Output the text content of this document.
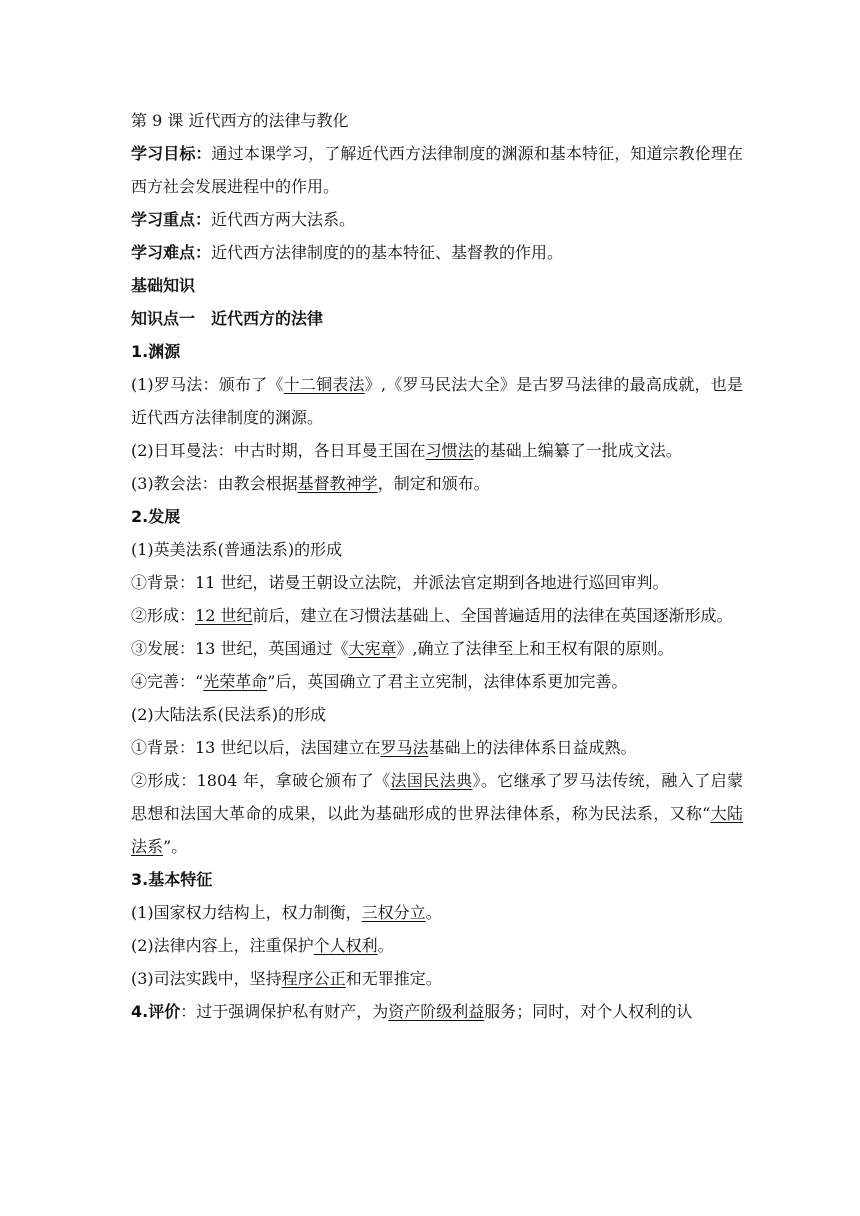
第 9 课 近代西方的法律与教化

学习目标：通过本课学习，了解近代西方法律制度的渊源和基本特征，知道宗教伦理在西方社会发展进程中的作用。

学习重点：近代西方两大法系。

学习难点：近代西方法律制度的的基本特征、基督教的作用。

基础知识

知识点一　近代西方的法律

1.渊源

(1)罗马法：颁布了《十二铜表法》,《罗马民法大全》是古罗马法律的最高成就，也是近代西方法律制度的渊源。

(2)日耳曼法：中古时期，各日耳曼王国在习惯法的基础上编纂了一批成文法。

(3)教会法：由教会根据基督教神学，制定和颁布。

2.发展

(1)英美法系(普通法系)的形成

①背景：11 世纪，诺曼王朝设立法院，并派法官定期到各地进行巡回审判。

②形成：12 世纪前后，建立在习惯法基础上、全国普遍适用的法律在英国逐渐形成。

③发展：13 世纪，英国通过《大宪章》,确立了法律至上和王权有限的原则。

④完善：“光荣革命”后，英国确立了君主立宪制，法律体系更加完善。

(2)大陆法系(民法系)的形成

①背景：13 世纪以后，法国建立在罗马法基础上的法律体系日益成熟。

②形成：1804 年，拿破仑颁布了《法国民法典》。它继承了罗马法传统，融入了启蒙思想和法国大革命的成果，以此为基础形成的世界法律体系，称为民法系，又称“大陆法系”。

3.基本特征

(1)国家权力结构上，权力制衡，三权分立。

(2)法律内容上，注重保护个人权利。

(3)司法实践中，坚持程序公正和无罪推定。

4.评价：过于强调保护私有财产，为资产阶级利益服务；同时，对个人权利的认
